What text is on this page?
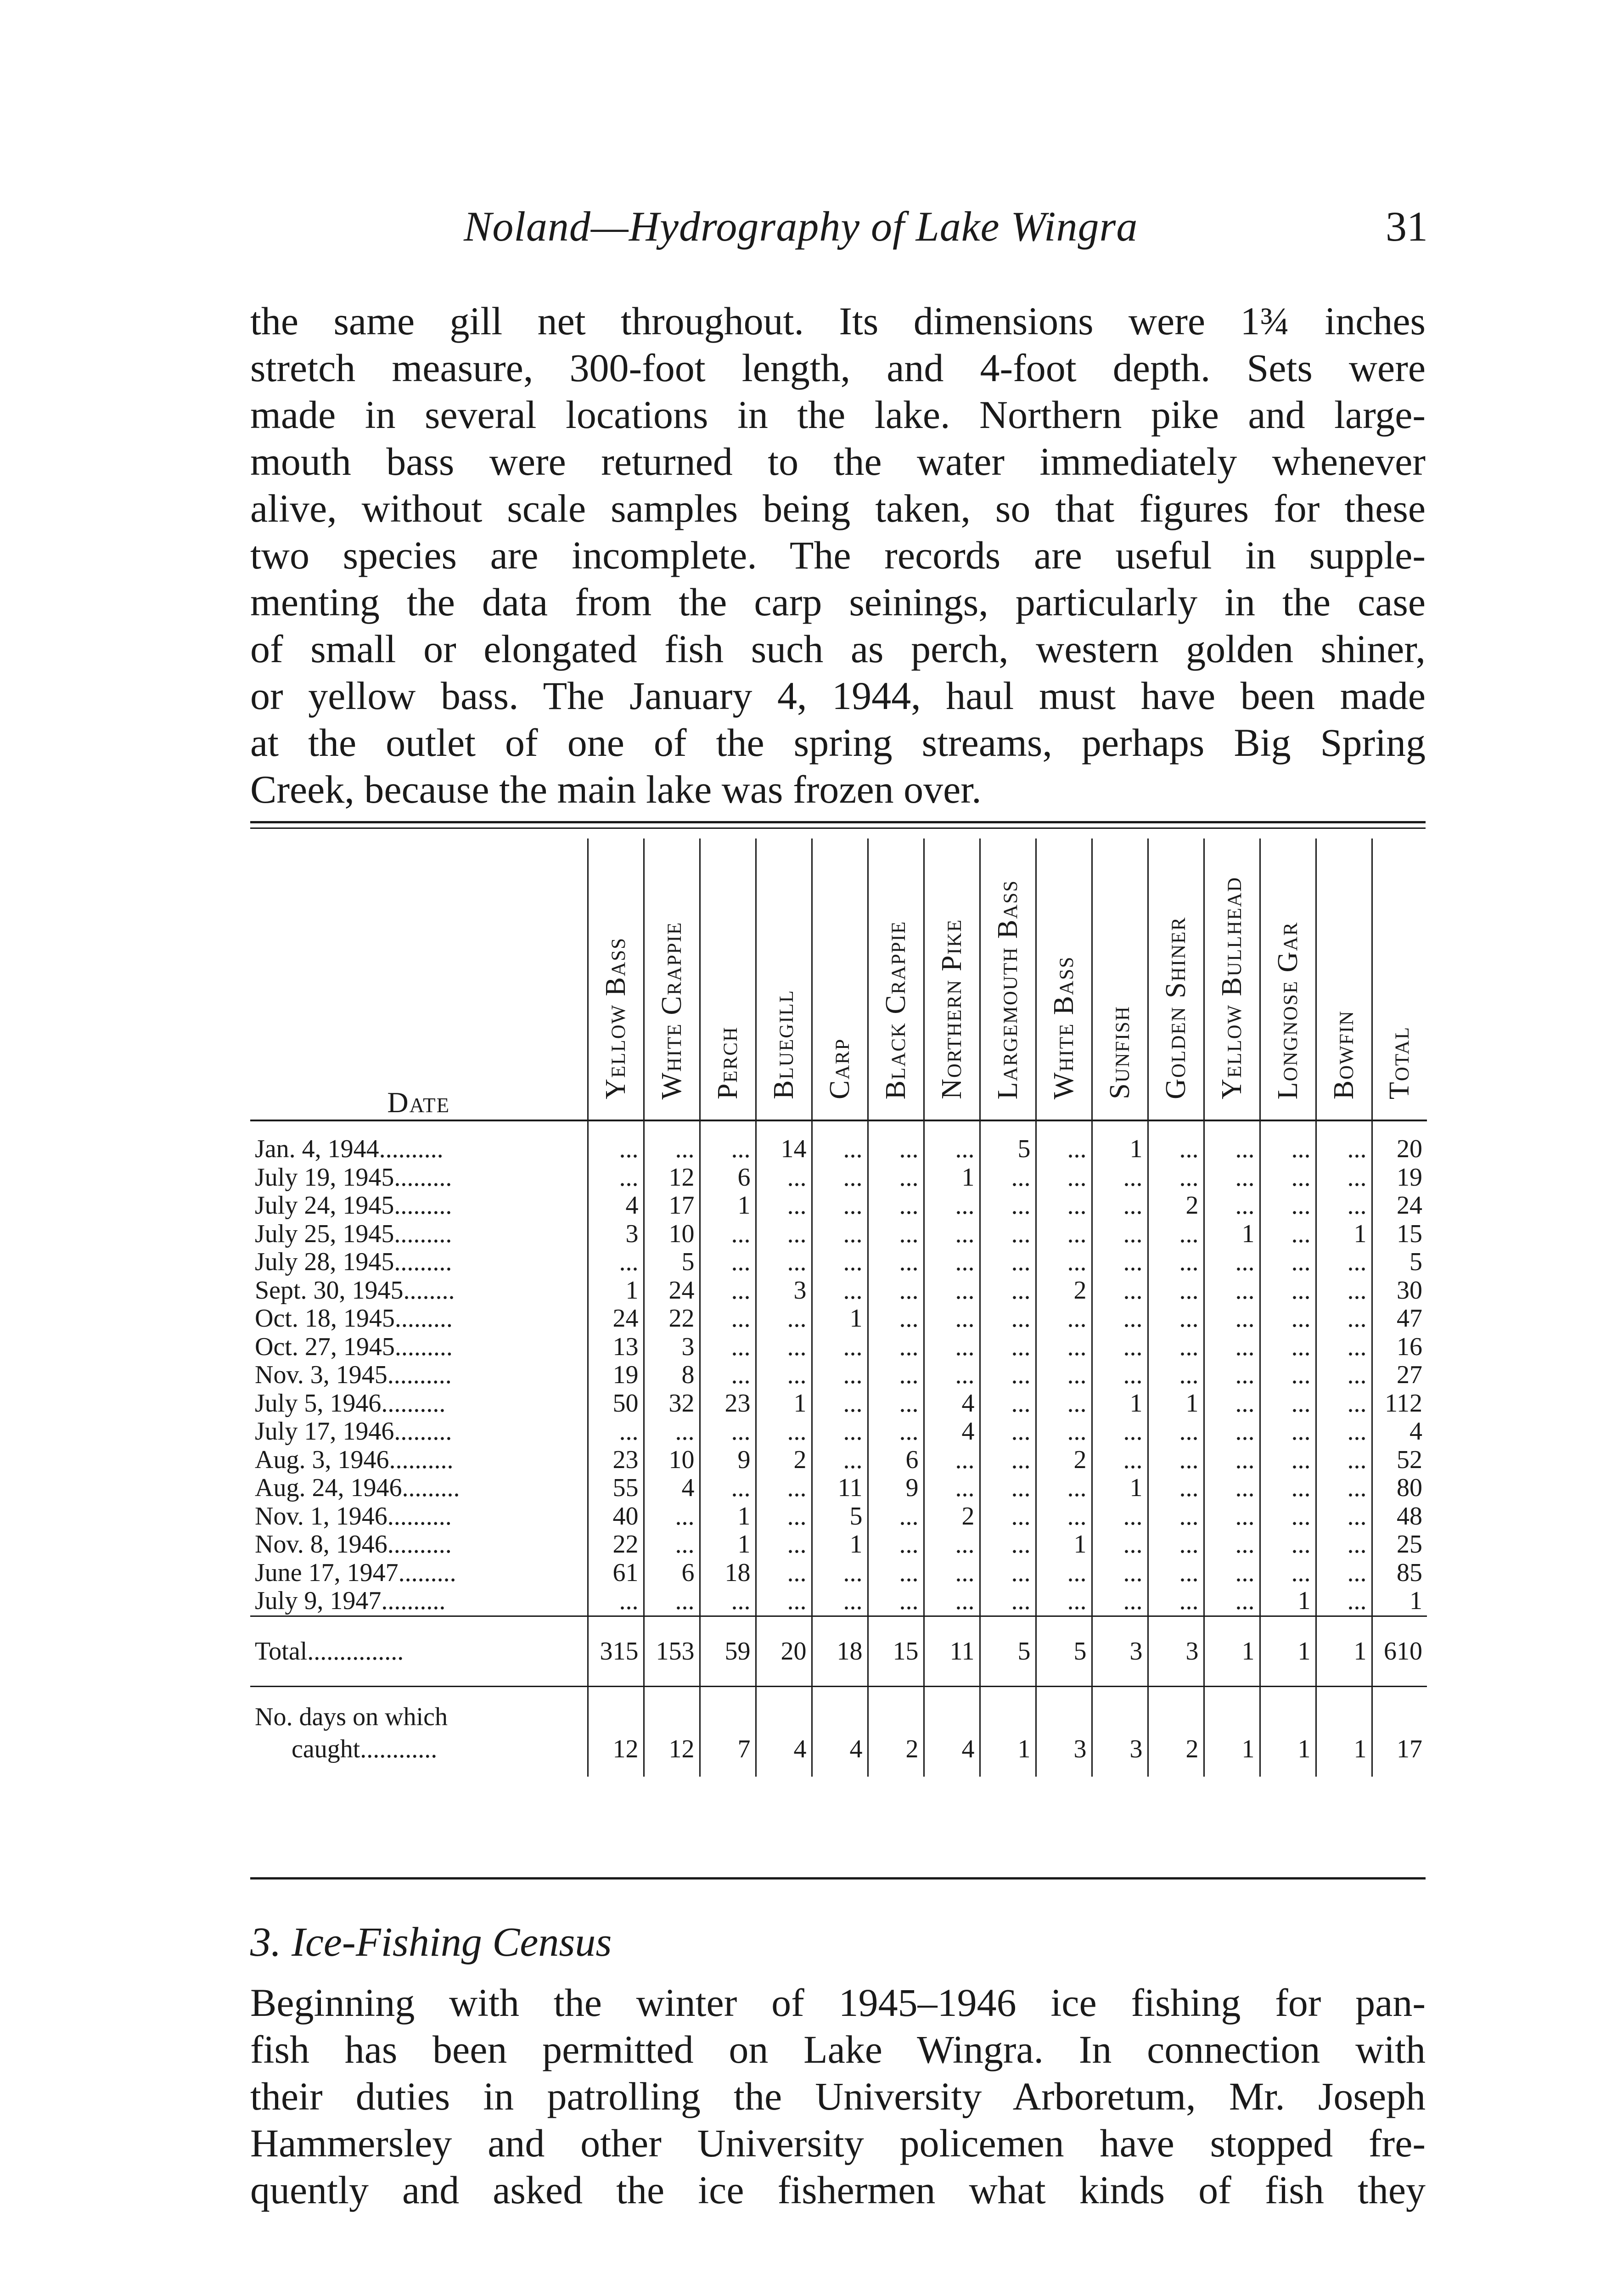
Noland—Hydrography of Lake Wingra	31
the same gill net throughout. Its dimensions were 1¾ inches
stretch measure, 300-foot length, and 4-foot depth. Sets were
made in several locations in the lake. Northern pike and large-
mouth bass were returned to the water immediately whenever
alive, without scale samples being taken, so that figures for these
two species are incomplete. The records are useful in supple-
menting the data from the carp seinings, particularly in the case
of small or elongated fish such as perch, western golden shiner,
or yellow bass. The January 4, 1944, haul must have been made
at the outlet of one of the spring streams, perhaps Big Spring
Creek, because the main lake was frozen over.
Date	Yellow Bass	White Crappie	Perch	Bluegill	Carp	Black Crappie	Northern Pike	Largemouth Bass	White Bass	Sunfish	Golden Shiner	Yellow Bullhead	Longnose Gar	Bowfin	Total
Jan. 4, 1944..........	...	...	...	14	...	...	...	5	...	1	...	...	...	...	20
July 19, 1945.........	...	12	6	...	...	...	1	...	...	...	...	...	...	...	19
July 24, 1945.........	4	17	1	...	...	...	...	...	...	...	2	...	...	...	24
July 25, 1945.........	3	10	...	...	...	...	...	...	...	...	...	1	...	1	15
July 28, 1945.........	...	5	...	...	...	...	...	...	...	...	...	...	...	...	5
Sept. 30, 1945........	1	24	...	3	...	...	...	...	2	...	...	...	...	...	30
Oct. 18, 1945.........	24	22	...	...	1	...	...	...	...	...	...	...	...	...	47
Oct. 27, 1945.........	13	3	...	...	...	...	...	...	...	...	...	...	...	...	16
Nov. 3, 1945..........	19	8	...	...	...	...	...	...	...	...	...	...	...	...	27
July 5, 1946..........	50	32	23	1	...	...	4	...	...	1	1	...	...	...	112
July 17, 1946.........	...	...	...	...	...	...	4	...	...	...	...	...	...	...	4
Aug. 3, 1946..........	23	10	9	2	...	6	...	...	2	...	...	...	...	...	52
Aug. 24, 1946.........	55	4	...	...	11	9	...	...	...	1	...	...	...	...	80
Nov. 1, 1946..........	40	...	1	...	5	...	2	...	...	...	...	...	...	...	48
Nov. 8, 1946..........	22	...	1	...	1	...	...	...	1	...	...	...	...	...	25
June 17, 1947.........	61	6	18	...	...	...	...	...	...	...	...	...	...	...	85
July 9, 1947..........	...	...	...	...	...	...	...	...	...	...	...	...	1	...	1
Total...............	315	153	59	20	18	15	11	5	5	3	3	1	1	1	610

No. days on which
caught............	12	12	7	4	4	2	4	1	3	3	2	1	1	1	17
3. Ice-Fishing Census
Beginning with the winter of 1945–1946 ice fishing for pan-
fish has been permitted on Lake Wingra. In connection with
their duties in patrolling the University Arboretum, Mr. Joseph
Hammersley and other University policemen have stopped fre-
quently and asked the ice fishermen what kinds of fish they
